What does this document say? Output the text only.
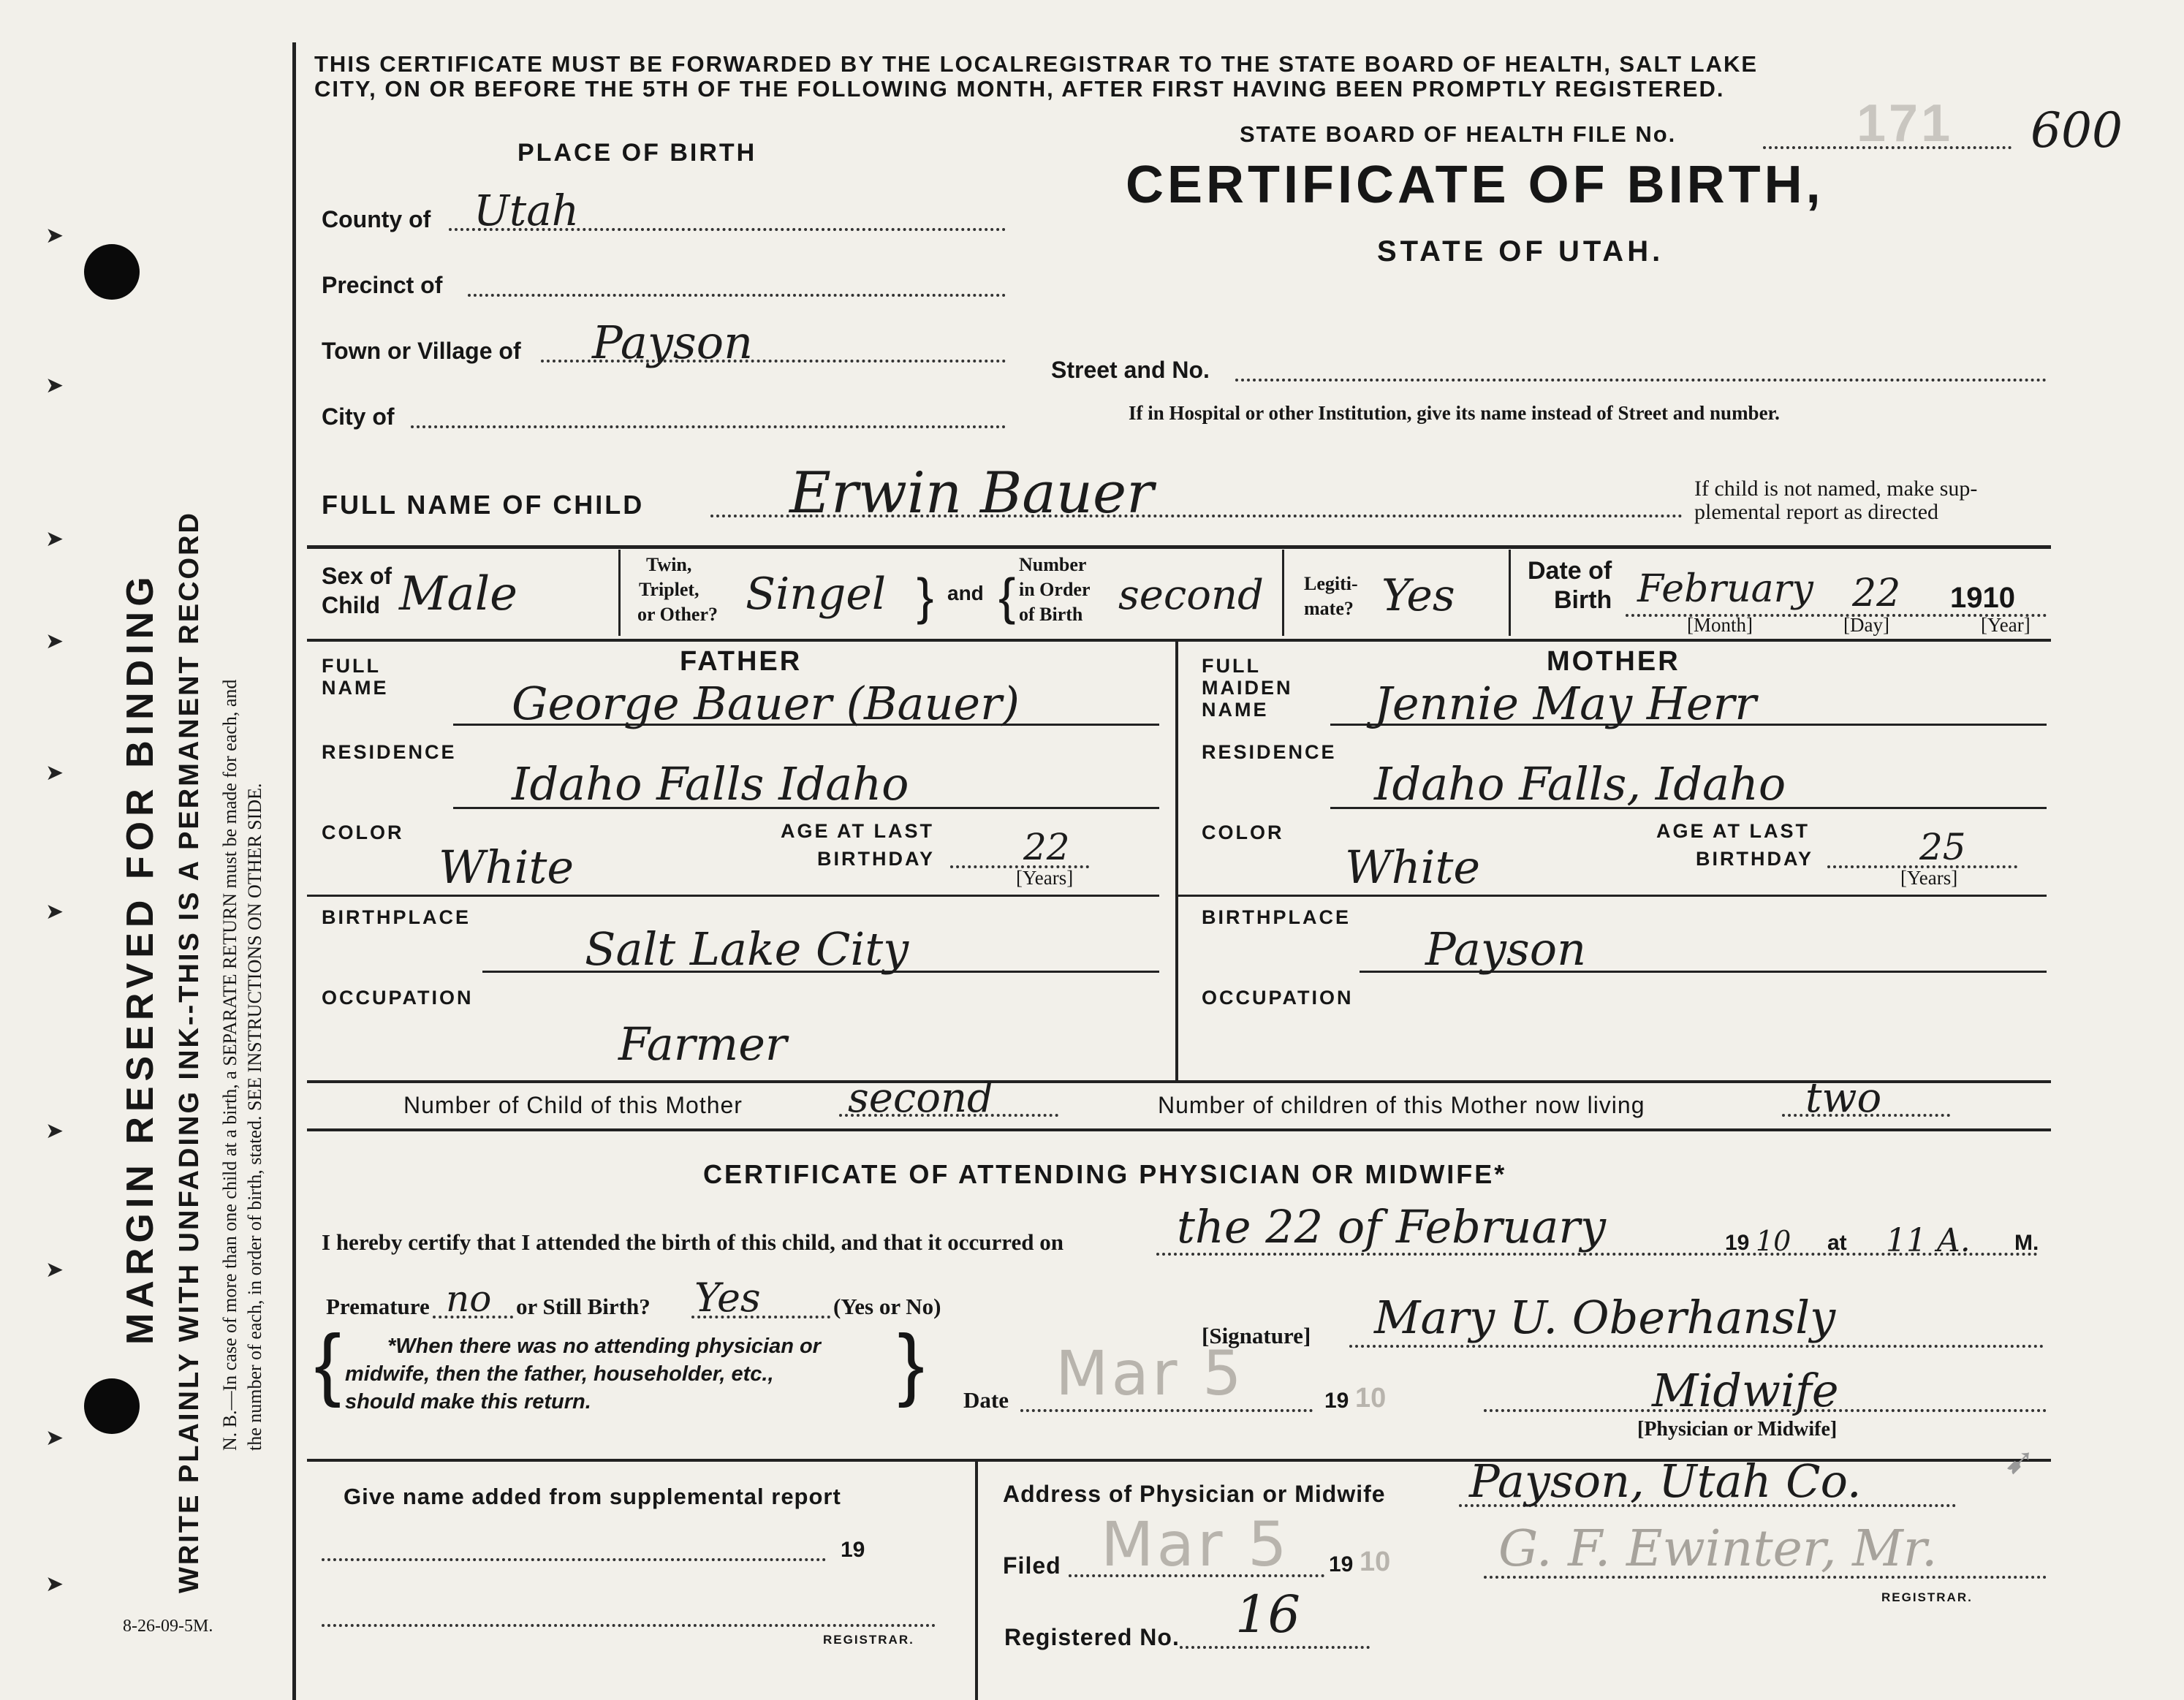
➤
➤
➤
➤
➤
➤
➤
➤
➤
➤
MARGIN RESERVED FOR BINDING WRITE PLAINLY WITH UNFADING INK--THIS IS A PERMANENT RECORD N. B.—In case of more than one child at a birth, a SEPARATE RETURN must be made for each, and the number of each, in order of birth, stated. SEE INSTRUCTIONS ON OTHER SIDE.
8-26-09-5M.
THIS CERTIFICATE MUST BE FORWARDED BY THE LOCALREGISTRAR TO THE STATE BOARD OF HEALTH, SALT LAKE
CITY, ON OR BEFORE THE 5TH OF THE FOLLOWING MONTH, AFTER FIRST HAVING BEEN PROMPTLY REGISTERED.
PLACE OF BIRTH
STATE BOARD OF HEALTH FILE No.	171 600
CERTIFICATE OF BIRTH,
STATE OF UTAH.
County of Utah
Precinct of
Town or Village of Payson
City of
Street and No.
If in Hospital or other Institution, give its name instead of Street and number.
FULL NAME OF CHILD	Erwin Bauer	If child is not named, make sup-
plemental report as directed
Sex of
Child Male
Twin,
Triplet,
or Other? Singel } and {
Number
in Order
of Birth second Legiti-
mate? Yes	Date of
Birth February 22 1910
[Month]	[Day]	[Year]
FULL
NAME
FATHER
George Bauer (Bauer)
RESIDENCE
Idaho Falls Idaho
COLOR
White
AGE AT LAST
BIRTHDAY 22
[Years]
BIRTHPLACE
Salt Lake City
OCCUPATION
Farmer
FULL
MAIDEN
NAME
MOTHER
Jennie May Herr
RESIDENCE
Idaho Falls, Idaho
COLOR
White
AGE AT LAST
BIRTHDAY	25
[Years]
BIRTHPLACE
Payson
OCCUPATION
Number of Child of this Mother	second	Number of children of this Mother now living	two
CERTIFICATE OF ATTENDING PHYSICIAN OR MIDWIFE*
I hereby certify that I attended the birth of this child, and that it occurred on	the 22 of February	19 10 at 11 A. M.
Premature no or Still Birth? Yes	(Yes or No)
{ *When there was no attending physician or
midwife, then the father, householder, etc.,
should make this return.	}	[Signature] Mary U. Oberhansly
Date Mar 5	19 10	Midwife
[Physician or Midwife]
Give name added from supplemental report
19
REGISTRAR.
Address of Physician or Midwife Payson, Utah Co.
Filed Mar 5 19 10 G. F. Ewinter, Mr.
REGISTRAR.
Registered No. 16
➹
